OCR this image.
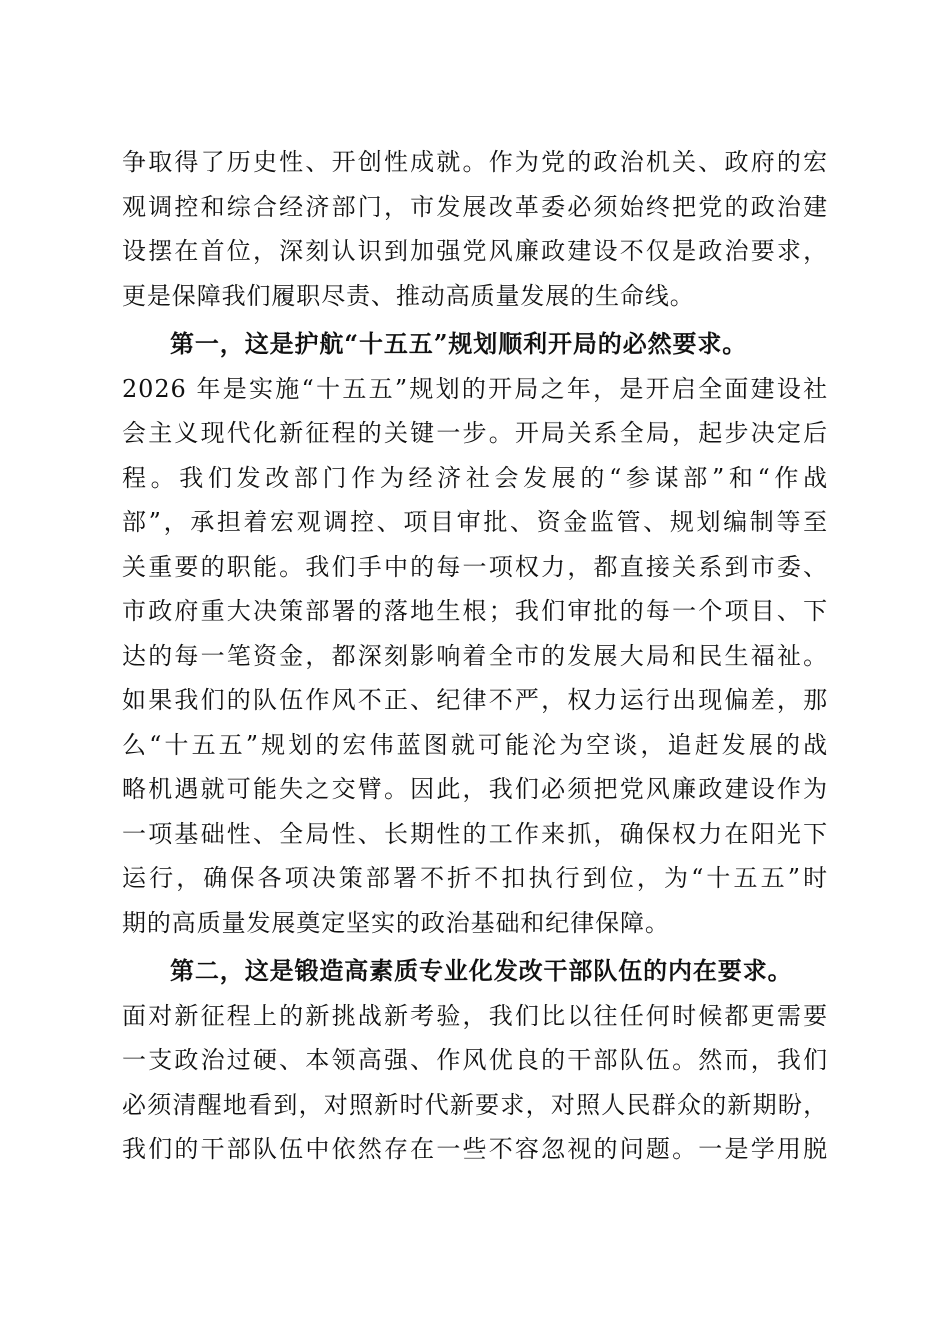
争取得了历史性、开创性成就。作为党的政治机关、政府的宏
观调控和综合经济部门，市发展改革委必须始终把党的政治建
设摆在首位，深刻认识到加强党风廉政建设不仅是政治要求，
更是保障我们履职尽责、推动高质量发展的生命线。
第一，这是护航“十五五”规划顺利开局的必然要求。
2026 年是实施“十五五”规划的开局之年，是开启全面建设社
会主义现代化新征程的关键一步。开局关系全局，起步决定后
程。我们发改部门作为经济社会发展的“参谋部”和“作战
部”，承担着宏观调控、项目审批、资金监管、规划编制等至
关重要的职能。我们手中的每一项权力，都直接关系到市委、
市政府重大决策部署的落地生根；我们审批的每一个项目、下
达的每一笔资金，都深刻影响着全市的发展大局和民生福祉。
如果我们的队伍作风不正、纪律不严，权力运行出现偏差，那
么“十五五”规划的宏伟蓝图就可能沦为空谈，追赶发展的战
略机遇就可能失之交臂。因此，我们必须把党风廉政建设作为
一项基础性、全局性、长期性的工作来抓，确保权力在阳光下
运行，确保各项决策部署不折不扣执行到位，为“十五五”时
期的高质量发展奠定坚实的政治基础和纪律保障。
第二，这是锻造高素质专业化发改干部队伍的内在要求。
面对新征程上的新挑战新考验，我们比以往任何时候都更需要
一支政治过硬、本领高强、作风优良的干部队伍。然而，我们
必须清醒地看到，对照新时代新要求，对照人民群众的新期盼，
我们的干部队伍中依然存在一些不容忽视的问题。一是学用脱
